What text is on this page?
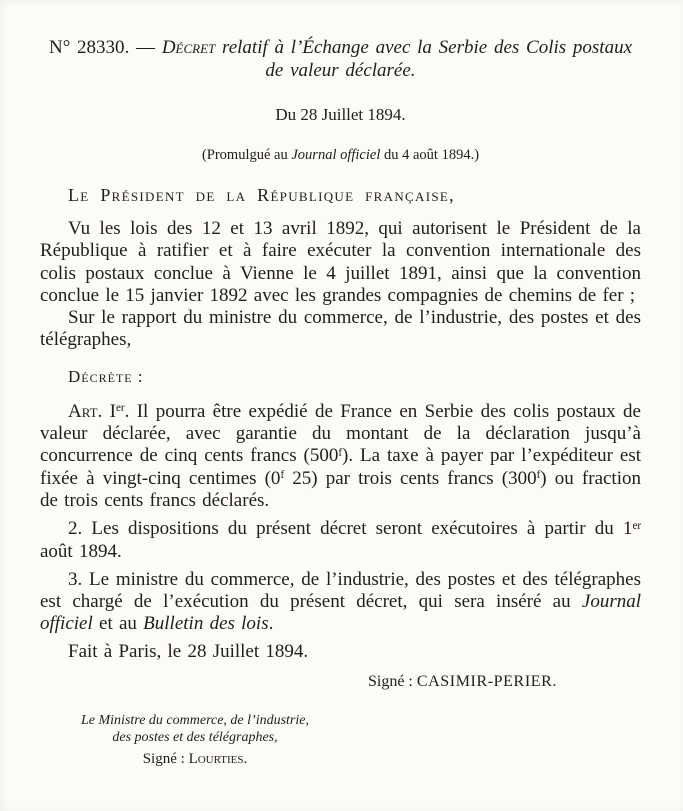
N° 28330. — Décret relatif à l’Échange avec la Serbie des Colis postaux de valeur déclarée.

Du 28 Juillet 1894.

(Promulgué au Journal officiel du 4 août 1894.)

Le Président de la République française,

Vu les lois des 12 et 13 avril 1892, qui autorisent le Président de la République à ratifier et à faire exécuter la convention internationale des colis postaux conclue à Vienne le 4 juillet 1891, ainsi que la convention conclue le 15 janvier 1892 avec les grandes compagnies de chemins de fer ;

Sur le rapport du ministre du commerce, de l’industrie, des postes et des télégraphes,

Décrète :

Art. Ier. Il pourra être expédié de France en Serbie des colis postaux de valeur déclarée, avec garantie du montant de la déclaration jusqu’à concurrence de cinq cents francs (500$^f$). La taxe à payer par l’expéditeur est fixée à vingt-cinq centimes (0$^f$ 25) par trois cents francs (300$^f$) ou fraction de trois cents francs déclarés.

2. Les dispositions du présent décret seront exécutoires à partir du 1er août 1894.

3. Le ministre du commerce, de l’industrie, des postes et des télégraphes est chargé de l’exécution du présent décret, qui sera inséré au Journal officiel et au Bulletin des lois.

Fait à Paris, le 28 Juillet 1894.

Signé : CASIMIR-PERIER.

Le Ministre du commerce, de l’industrie,

des postes et des télégraphes,

Signé : Lourties.
